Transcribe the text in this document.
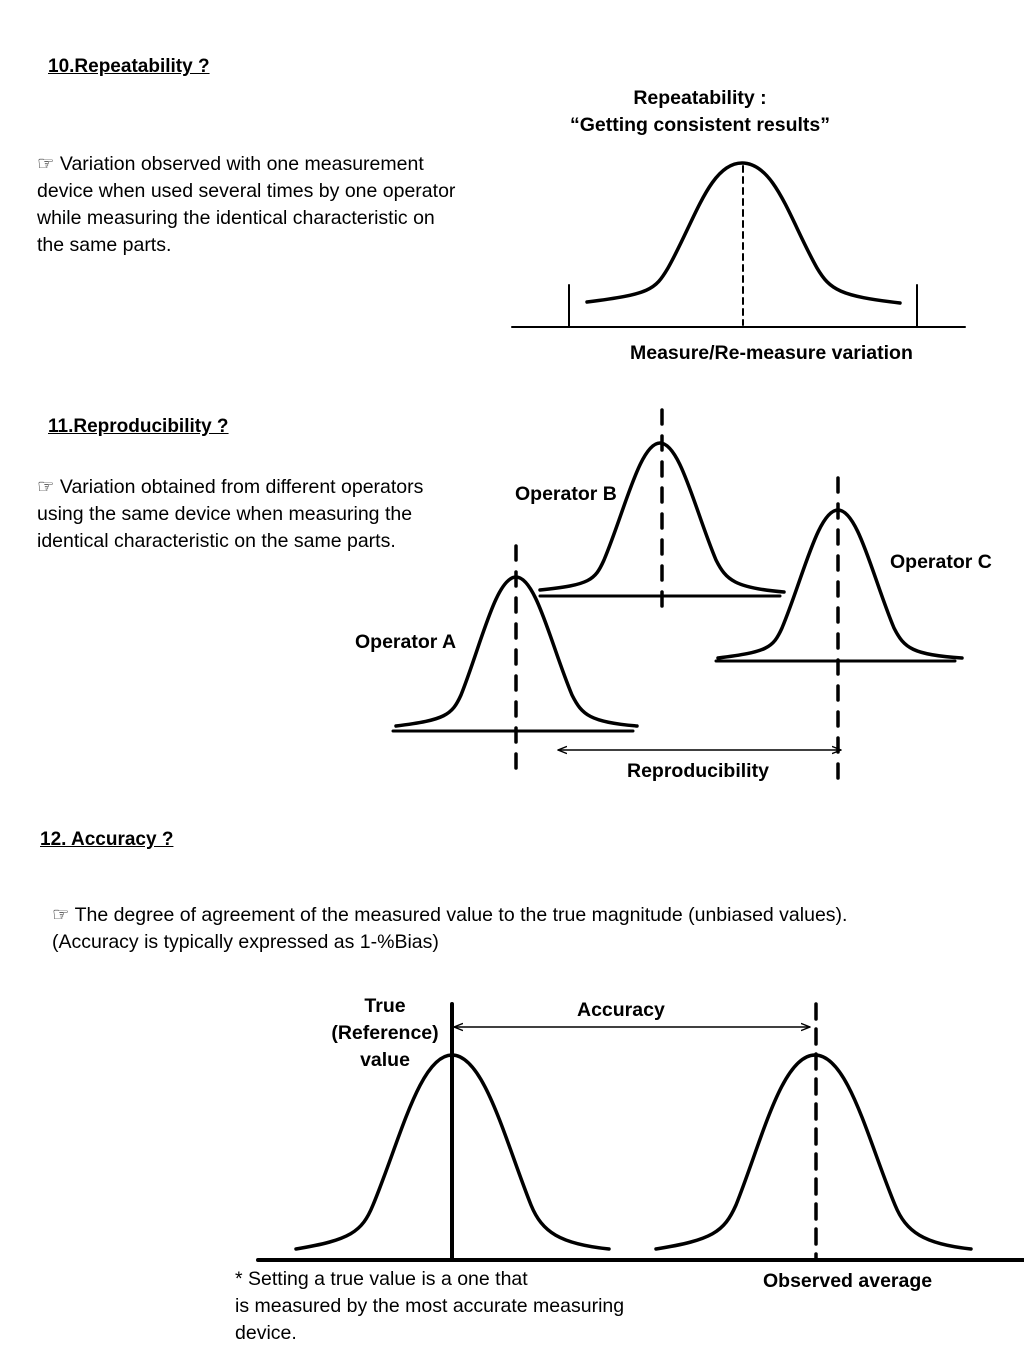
10.Repeatability ?
☞ Variation observed with one measurement
device when used several times by one operator
while measuring the identical characteristic on
the same parts.
Repeatability :
“Getting consistent results”
Measure/Re-measure variation
11.Reproducibility ?
☞ Variation obtained from different operators
using the same device when measuring the
identical characteristic on the same parts.
Operator B
Operator C
Operator A
Reproducibility
12. Accuracy ?
☞ The degree of agreement of the measured value to the true magnitude (unbiased values).
(Accuracy is typically expressed as 1-%Bias)
True
(Reference)
value
Accuracy
Observed average
* Setting a true value is a one that
is measured by the most accurate measuring
device.
